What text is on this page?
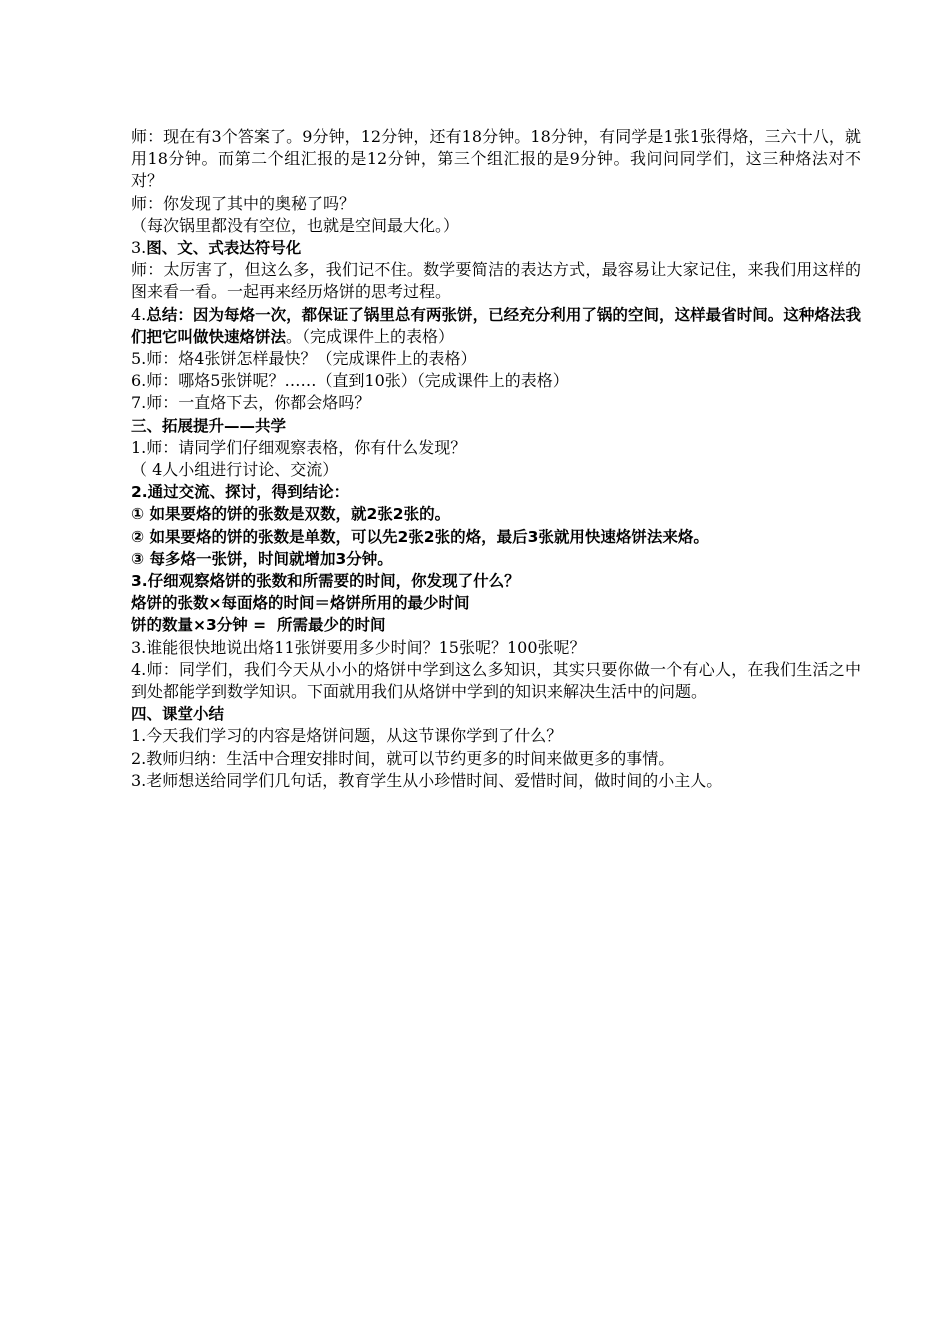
师：现在有3个答案了。9分钟，12分钟，还有18分钟。18分钟，有同学是1张1张得烙，三六十八，就用18分钟。而第二个组汇报的是12分钟，第三个组汇报的是9分钟。我问问同学们，这三种烙法对不对？
师：你发现了其中的奥秘了吗？
（每次锅里都没有空位，也就是空间最大化。）
3.图、文、式表达符号化
师：太厉害了，但这么多，我们记不住。数学要简洁的表达方式，最容易让大家记住，来我们用这样的图来看一看。一起再来经历烙饼的思考过程。
4.总结：因为每烙一次，都保证了锅里总有两张饼，已经充分利用了锅的空间，这样最省时间。这种烙法我们把它叫做快速烙饼法。（完成课件上的表格）
5.师：烙4张饼怎样最快？（完成课件上的表格）
6.师：哪烙5张饼呢？……（直到10张）（完成课件上的表格）
7.师：一直烙下去，你都会烙吗？
三、拓展提升——共学
1.师：请同学们仔细观察表格，你有什么发现？
（ 4人小组进行讨论、交流）
2.通过交流、探讨，得到结论：
① 如果要烙的饼的张数是双数，就2张2张的。
② 如果要烙的饼的张数是单数，可以先2张2张的烙，最后3张就用快速烙饼法来烙。
③ 每多烙一张饼，时间就增加3分钟。
3.仔细观察烙饼的张数和所需要的时间，你发现了什么？
烙饼的张数×每面烙的时间＝烙饼所用的最少时间
饼的数量×3分钟 =  所需最少的时间
3.谁能很快地说出烙11张饼要用多少时间？15张呢？100张呢？
4.师：同学们，我们今天从小小的烙饼中学到这么多知识，其实只要你做一个有心人，在我们生活之中到处都能学到数学知识。下面就用我们从烙饼中学到的知识来解决生活中的问题。
四、课堂小结
1.今天我们学习的内容是烙饼问题，从这节课你学到了什么？
2.教师归纳：生活中合理安排时间，就可以节约更多的时间来做更多的事情。
3.老师想送给同学们几句话，教育学生从小珍惜时间、爱惜时间，做时间的小主人。
